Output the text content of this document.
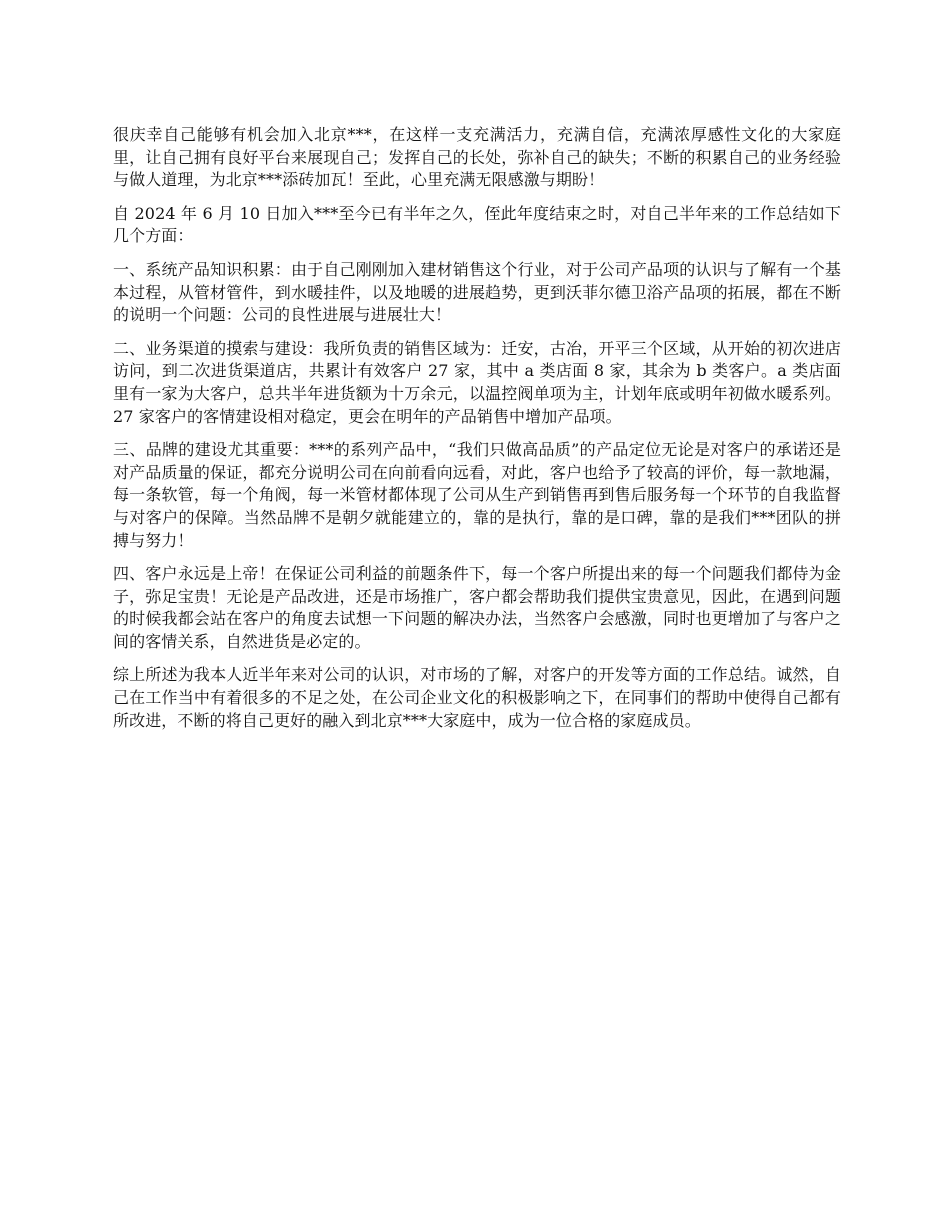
很庆幸自己能够有机会加入北京***，在这样一支充满活力，充满自信，充满浓厚感性文化的大家庭里，让自己拥有良好平台来展现自己；发挥自己的长处，弥补自己的缺失；不断的积累自己的业务经验与做人道理，为北京***添砖加瓦！至此，心里充满无限感激与期盼！

自 2024 年 6 月 10 日加入***至今已有半年之久，侄此年度结束之时，对自己半年来的工作总结如下几个方面：

一、系统产品知识积累：由于自己刚刚加入建材销售这个行业，对于公司产品项的认识与了解有一个基本过程，从管材管件，到水暖挂件，以及地暖的进展趋势，更到沃菲尔德卫浴产品项的拓展，都在不断的说明一个问题：公司的良性进展与进展壮大！

二、业务渠道的摸索与建设：我所负责的销售区域为：迁安，古冶，开平三个区域，从开始的初次进店访问，到二次进货渠道店，共累计有效客户 27 家，其中 a 类店面 8 家，其余为 b 类客户。a 类店面里有一家为大客户，总共半年进货额为十万余元，以温控阀单项为主，计划年底或明年初做水暖系列。27 家客户的客情建设相对稳定，更会在明年的产品销售中增加产品项。

三、品牌的建设尤其重要：***的系列产品中，“我们只做高品质”的产品定位无论是对客户的承诺还是对产品质量的保证，都充分说明公司在向前看向远看，对此，客户也给予了较高的评价，每一款地漏，每一条软管，每一个角阀，每一米管材都体现了公司从生产到销售再到售后服务每一个环节的自我监督与对客户的保障。当然品牌不是朝夕就能建立的，靠的是执行，靠的是口碑，靠的是我们***团队的拼搏与努力！

四、客户永远是上帝！在保证公司利益的前题条件下，每一个客户所提出来的每一个问题我们都侍为金子，弥足宝贵！无论是产品改进，还是市场推广，客户都会帮助我们提供宝贵意见，因此，在遇到问题的时候我都会站在客户的角度去试想一下问题的解决办法，当然客户会感激，同时也更增加了与客户之间的客情关系，自然进货是必定的。

综上所述为我本人近半年来对公司的认识，对市场的了解，对客户的开发等方面的工作总结。诚然，自己在工作当中有着很多的不足之处，在公司企业文化的积极影响之下，在同事们的帮助中使得自己都有所改进，不断的将自己更好的融入到北京***大家庭中，成为一位合格的家庭成员。
